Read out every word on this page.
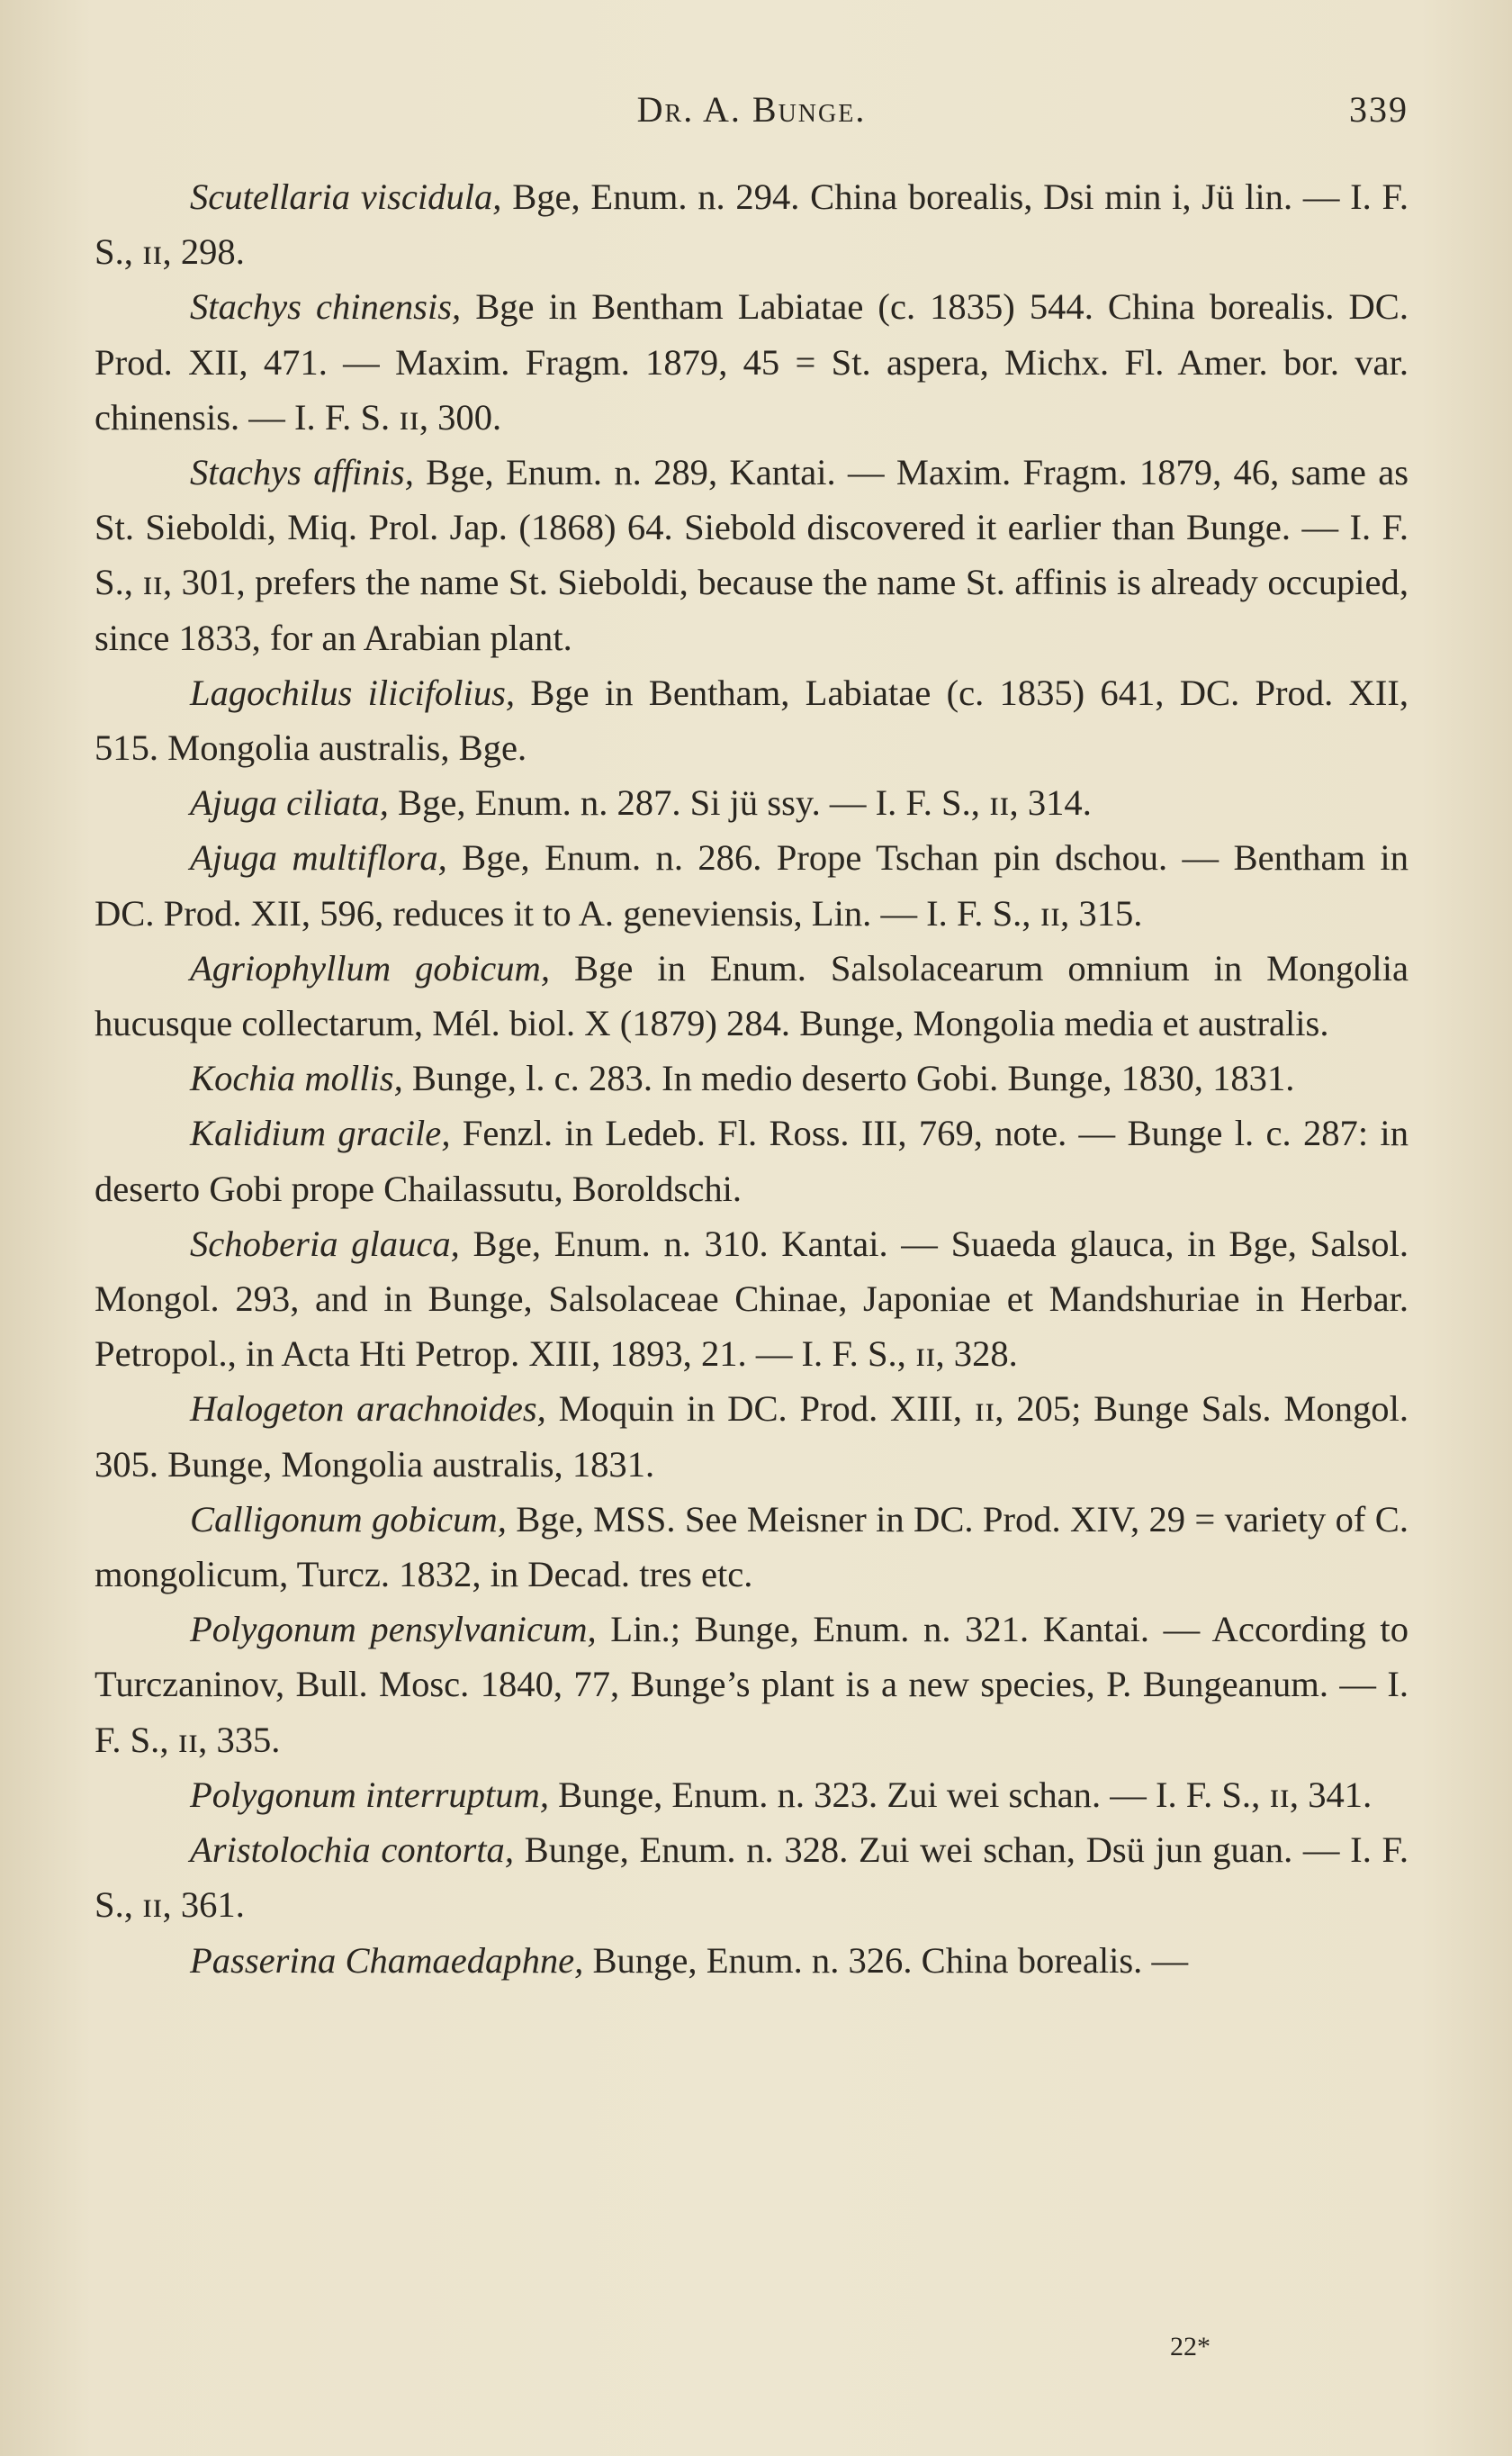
Dr. A. Bunge.	339

Scutellaria viscidula, Bge, Enum. n. 294. China borealis, Dsi min i, Jü lin. — I. F. S., ɪɪ, 298.

Stachys chinensis, Bge in Bentham Labiatae (c. 1835) 544. China borealis. DC. Prod. XII, 471. — Maxim. Fragm. 1879, 45 = St. aspera, Michx. Fl. Amer. bor. var. chinensis. — I. F. S. ɪɪ, 300.

Stachys affinis, Bge, Enum. n. 289, Kantai. — Maxim. Fragm. 1879, 46, same as St. Sieboldi, Miq. Prol. Jap. (1868) 64. Siebold discovered it earlier than Bunge. — I. F. S., ɪɪ, 301, prefers the name St. Sieboldi, because the name St. affinis is already occupied, since 1833, for an Arabian plant.

Lagochilus ilicifolius, Bge in Bentham, Labiatae (c. 1835) 641, DC. Prod. XII, 515. Mongolia australis, Bge.

Ajuga ciliata, Bge, Enum. n. 287. Si jü ssy. — I. F. S., ɪɪ, 314.

Ajuga multiflora, Bge, Enum. n. 286. Prope Tschan pin dschou. — Bentham in DC. Prod. XII, 596, reduces it to A. geneviensis, Lin. — I. F. S., ɪɪ, 315.

Agriophyllum gobicum, Bge in Enum. Salsolacearum omnium in Mongolia hucusque collectarum, Mél. biol. X (1879) 284. Bunge, Mongolia media et australis.

Kochia mollis, Bunge, l. c. 283. In medio deserto Gobi. Bunge, 1830, 1831.

Kalidium gracile, Fenzl. in Ledeb. Fl. Ross. III, 769, note. — Bunge l. c. 287: in deserto Gobi prope Chailassutu, Boroldschi.

Schoberia glauca, Bge, Enum. n. 310. Kantai. — Suaeda glauca, in Bge, Salsol. Mongol. 293, and in Bunge, Salsolaceae Chinae, Japoniae et Mandshuriae in Herbar. Petropol., in Acta Hti Petrop. XIII, 1893, 21. — I. F. S., ɪɪ, 328.

Halogeton arachnoides, Moquin in DC. Prod. XIII, ɪɪ, 205; Bunge Sals. Mongol. 305. Bunge, Mongolia australis, 1831.

Calligonum gobicum, Bge, MSS. See Meisner in DC. Prod. XIV, 29 = variety of C. mongolicum, Turcz. 1832, in Decad. tres etc.

Polygonum pensylvanicum, Lin.; Bunge, Enum. n. 321. Kantai. — According to Turczaninov, Bull. Mosc. 1840, 77, Bunge’s plant is a new species, P. Bungeanum. — I. F. S., ɪɪ, 335.

Polygonum interruptum, Bunge, Enum. n. 323. Zui wei schan. — I. F. S., ɪɪ, 341.

Aristolochia contorta, Bunge, Enum. n. 328. Zui wei schan, Dsü jun guan. — I. F. S., ɪɪ, 361.

Passerina Chamaedaphne, Bunge, Enum. n. 326. China borealis. —

22*
